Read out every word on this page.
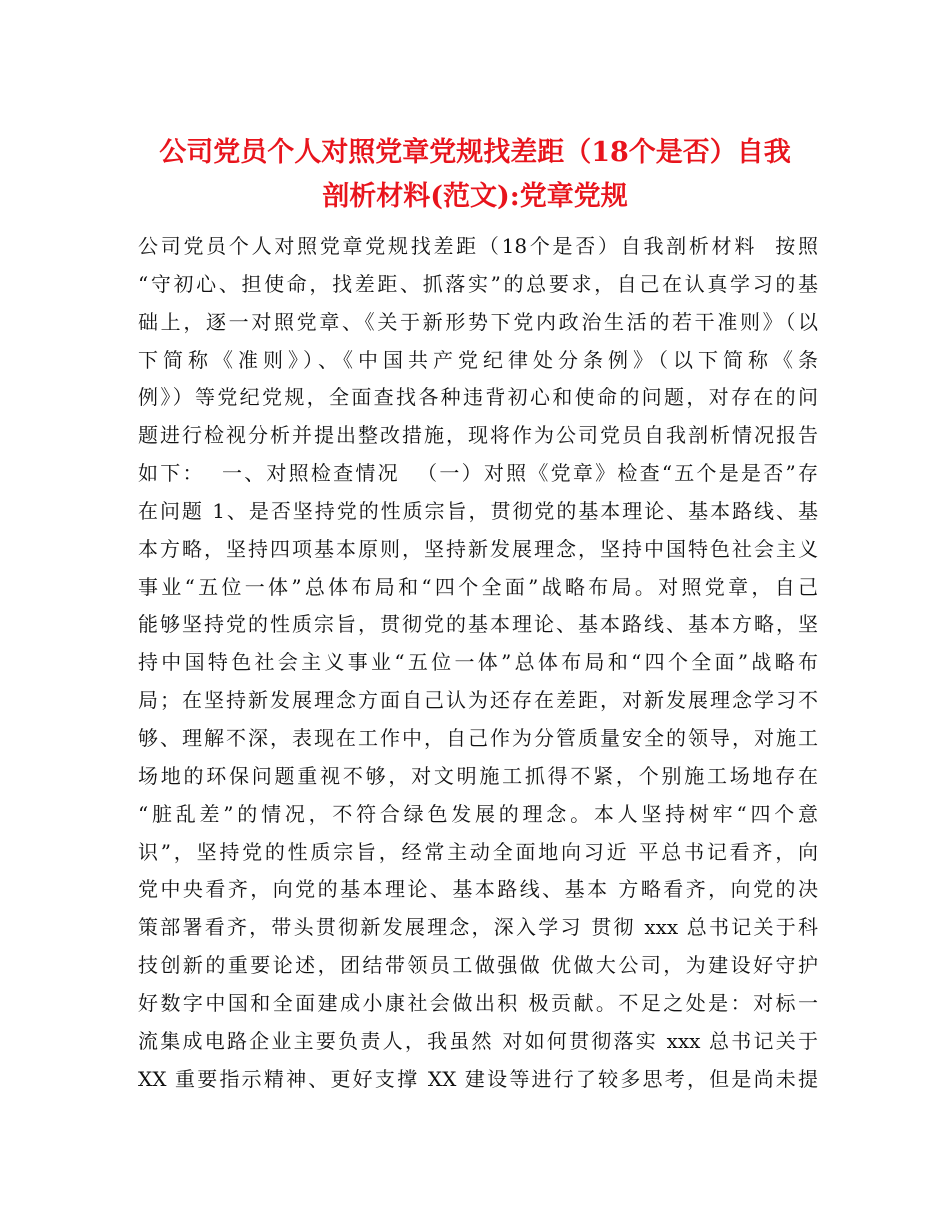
公司党员个人对照党章党规找差距（18个是否）自我
剖析材料(范文):党章党规
公司党员个人对照党章党规找差距（18个是否）自我剖析材料  按照
“守初心、担使命，找差距、抓落实”的总要求，自己在认真学习的基
础上，逐一对照党章、《关于新形势下党内政治生活的若干准则》（以
下简称《准则》）、《中国共产党纪律处分条例》（以下简称《条
例》）等党纪党规，全面查找各种违背初心和使命的问题，对存在的问
题进行检视分析并提出整改措施，现将作为公司党员自我剖析情况报告
如下：  一、对照检查情况  （一）对照《党章》检查“五个是是否”存
在问题 1、是否坚持党的性质宗旨，贯彻党的基本理论、基本路线、基
本方略，坚持四项基本原则，坚持新发展理念，坚持中国特色社会主义
事业“五位一体”总体布局和“四个全面”战略布局。对照党章，自己
能够坚持党的性质宗旨，贯彻党的基本理论、基本路线、基本方略，坚
持中国特色社会主义事业“五位一体”总体布局和“四个全面”战略布
局；在坚持新发展理念方面自己认为还存在差距，对新发展理念学习不
够、理解不深，表现在工作中，自己作为分管质量安全的领导，对施工
场地的环保问题重视不够，对文明施工抓得不紧，个别施工场地存在
“脏乱差”的情况，不符合绿色发展的理念。本人坚持树牢“四个意
识”，坚持党的性质宗旨，经常主动全面地向习近 平总书记看齐，向
党中央看齐，向党的基本理论、基本路线、基本 方略看齐，向党的决
策部署看齐，带头贯彻新发展理念，深入学习 贯彻 xxx 总书记关于科
技创新的重要论述，团结带领员工做强做 优做大公司，为建设好守护
好数字中国和全面建成小康社会做出积 极贡献。不足之处是：对标一
流集成电路企业主要负责人，我虽然 对如何贯彻落实 xxx 总书记关于
XX 重要指示精神、更好支撑 XX 建设等进行了较多思考，但是尚未提
